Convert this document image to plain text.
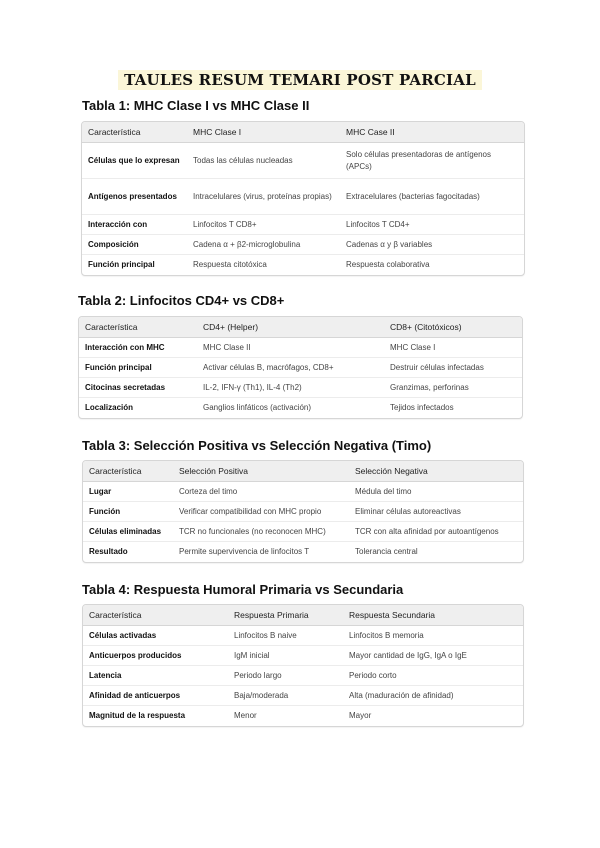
TAULES RESUM TEMARI POST PARCIAL
Tabla 1: MHC Clase I vs MHC Clase II
Característica	MHC Clase I	MHC Case II
Células que lo expresan	Todas las células nucleadas	Solo células presentadoras de antígenos (APCs)
Antígenos presentados	Intracelulares (virus, proteínas propias)	Extracelulares (bacterias fagocitadas)
Interacción con	Linfocitos T CD8+	Linfocitos T CD4+
Composición	Cadena α + β2-microglobulina	Cadenas α y β variables
Función principal	Respuesta citotóxica	Respuesta colaborativa
Tabla 2: Linfocitos CD4+ vs CD8+
Característica	CD4+ (Helper)	CD8+ (Citotóxicos)
Interacción con MHC	MHC Clase II	MHC Clase I
Función principal	Activar células B, macrófagos, CD8+	Destruir células infectadas
Citocinas secretadas	IL-2, IFN-γ (Th1), IL-4 (Th2)	Granzimas, perforinas
Localización	Ganglios linfáticos (activación)	Tejidos infectados
Tabla 3: Selección Positiva vs Selección Negativa (Timo)
Característica	Selección Positiva	Selección Negativa
Lugar	Corteza del timo	Médula del timo
Función	Verificar compatibilidad con MHC propio	Eliminar células autoreactivas
Células eliminadas	TCR no funcionales (no reconocen MHC)	TCR con alta afinidad por autoantígenos
Resultado	Permite supervivencia de linfocitos T	Tolerancia central
Tabla 4: Respuesta Humoral Primaria vs Secundaria
Característica	Respuesta Primaria	Respuesta Secundaria
Células activadas	Linfocitos B naive	Linfocitos B memoria
Anticuerpos producidos	IgM inicial	Mayor cantidad de IgG, IgA o IgE
Latencia	Periodo largo	Periodo corto
Afinidad de anticuerpos	Baja/moderada	Alta (maduración de afinidad)
Magnitud de la respuesta	Menor	Mayor
